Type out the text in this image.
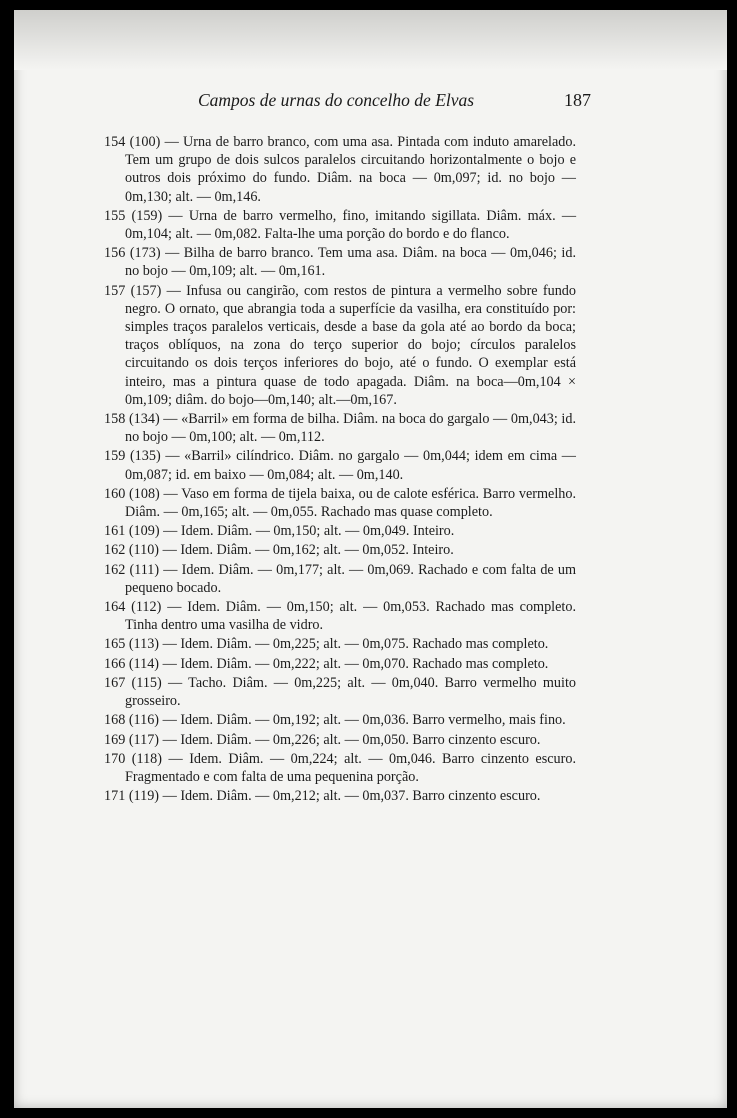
Campos de urnas do concelho de Elvas	187

154 (100) — Urna de barro branco, com uma asa. Pintada com induto amarelado. Tem um grupo de dois sulcos paralelos circuitando horizontalmente o bojo e outros dois próximo do fundo. Diâm. na boca — 0m,097; id. no bojo — 0m,130; alt. — 0m,146.

155 (159) — Urna de barro vermelho, fino, imitando sigillata. Diâm. máx. — 0m,104; alt. — 0m,082. Falta-lhe uma porção do bordo e do flanco.

156 (173) — Bilha de barro branco. Tem uma asa. Diâm. na boca — 0m,046; id. no bojo — 0m,109; alt. — 0m,161.

157 (157) — Infusa ou cangirão, com restos de pintura a vermelho sobre fundo negro. O ornato, que abrangia toda a superfície da vasilha, era constituído por: simples traços paralelos verticais, desde a base da gola até ao bordo da boca; traços oblíquos, na zona do terço superior do bojo; círculos paralelos circuitando os dois terços inferiores do bojo, até o fundo. O exemplar está inteiro, mas a pintura quase de todo apagada. Diâm. na boca—0m,104 × 0m,109; diâm. do bojo—0m,140; alt.—0m,167.

158 (134) — «Barril» em forma de bilha. Diâm. na boca do gargalo — 0m,043; id. no bojo — 0m,100; alt. — 0m,112.

159 (135) — «Barril» cilíndrico. Diâm. no gargalo — 0m,044; idem em cima — 0m,087; id. em baixo — 0m,084; alt. — 0m,140.

160 (108) — Vaso em forma de tijela baixa, ou de calote esférica. Barro vermelho. Diâm. — 0m,165; alt. — 0m,055. Rachado mas quase completo.

161 (109) — Idem. Diâm. — 0m,150; alt. — 0m,049. Inteiro.

162 (110) — Idem. Diâm. — 0m,162; alt. — 0m,052. Inteiro.

162 (111) — Idem. Diâm. — 0m,177; alt. — 0m,069. Rachado e com falta de um pequeno bocado.

164 (112) — Idem. Diâm. — 0m,150; alt. — 0m,053. Rachado mas completo. Tinha dentro uma vasilha de vidro.

165 (113) — Idem. Diâm. — 0m,225; alt. — 0m,075. Rachado mas completo.

166 (114) — Idem. Diâm. — 0m,222; alt. — 0m,070. Rachado mas completo.

167 (115) — Tacho. Diâm. — 0m,225; alt. — 0m,040. Barro vermelho muito grosseiro.

168 (116) — Idem. Diâm. — 0m,192; alt. — 0m,036. Barro vermelho, mais fino.

169 (117) — Idem. Diâm. — 0m,226; alt. — 0m,050. Barro cinzento escuro.

170 (118) — Idem. Diâm. — 0m,224; alt. — 0m,046. Barro cinzento escuro. Fragmentado e com falta de uma pequenina porção.

171 (119) — Idem. Diâm. — 0m,212; alt. — 0m,037. Barro cinzento escuro.
